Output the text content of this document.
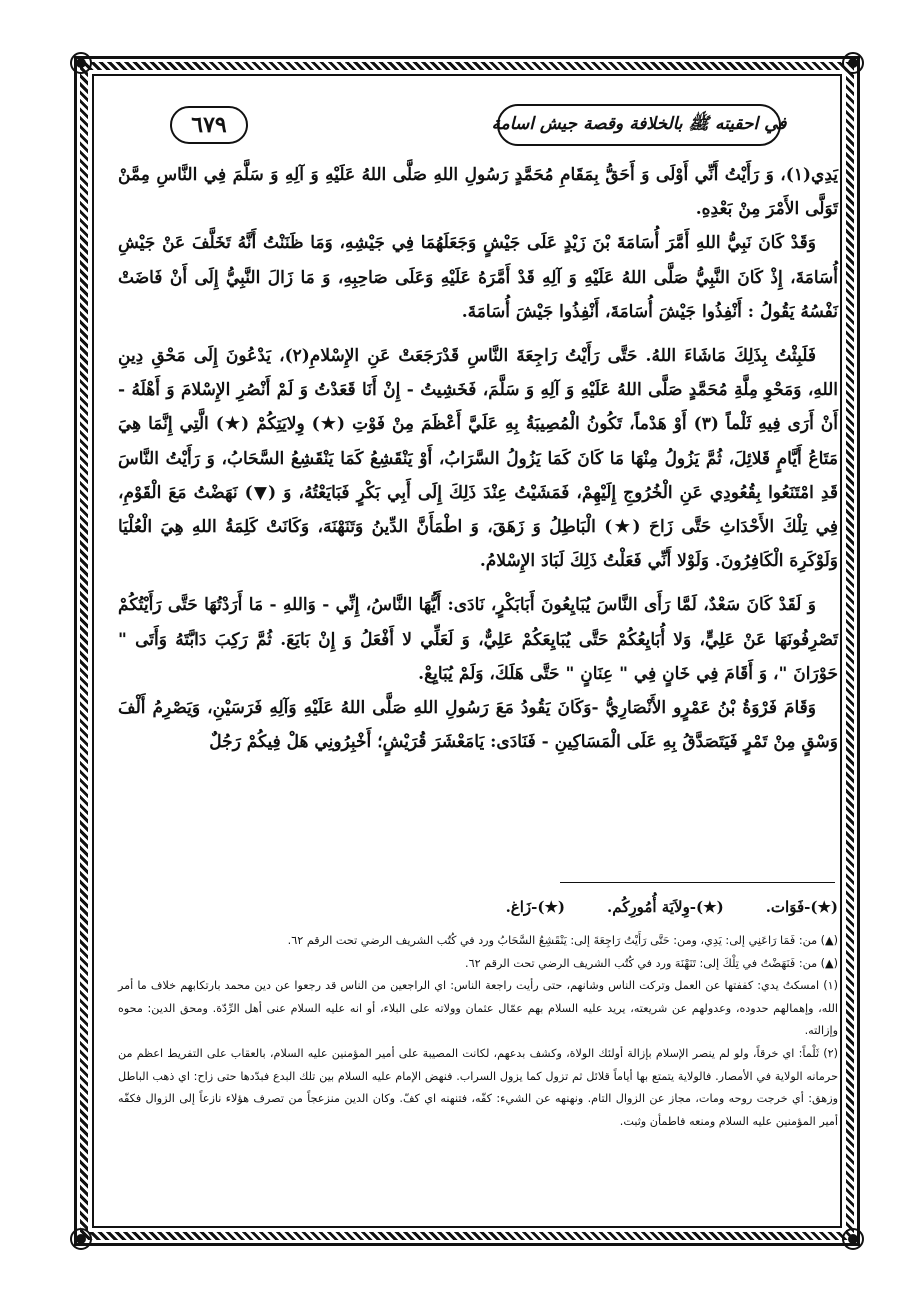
في احقيته ﷺ بالخلافة وقصة جيش اسامة
٦٧٩

يَدِي(١)، وَ رَأَيْتُ أَنِّي أَوْلَى وَ أَحَقُّ بِمَقَامِ مُحَمَّدٍ رَسُولِ اللهِ صَلَّى اللهُ عَلَيْهِ وَ آلِهِ وَ سَلَّمَ فِي النَّاسِ مِمَّنْ تَوَلَّى الأَمْرَ مِنْ بَعْدِهِ.

وَقَدْ كَانَ نَبِيُّ اللهِ أَمَّرَ أُسَامَةَ بْنَ زَيْدٍ عَلَى جَيْشٍ وَجَعَلَهُمَا فِي جَيْشِهِ، وَمَا ظَنَنْتُ أَنَّهُ تَخَلَّفَ عَنْ جَيْشِ أُسَامَةَ، إِذْ كَانَ النَّبِيُّ صَلَّى اللهُ عَلَيْهِ وَ آلِهِ قَدْ أَمَّرَهُ عَلَيْهِ وَعَلَى صَاحِبِهِ، وَ مَا زَالَ النَّبِيُّ إِلَى أَنْ فَاضَتْ نَفْسُهُ يَقُولُ : أَنْفِذُوا جَيْشَ أُسَامَةَ، أَنْفِذُوا جَيْشَ أُسَامَةَ.

فَلَبِثْتُ بِذَلِكَ مَاشَاءَ اللهُ. حَتَّى رَأَيْتُ رَاجِعَةَ النَّاسِ قَدْرَجَعَتْ عَنِ الإِسْلامِ(٢)، يَدْعُونَ إِلَى مَحْقِ دِينِ اللهِ، وَمَحْوِ مِلَّةِ مُحَمَّدٍ صَلَّى اللهُ عَلَيْهِ وَ آلِهِ وَ سَلَّمَ، فَخَشِيتُ - إِنْ أَنَا قَعَدْتُ وَ لَمْ أَنْصُرِ الإِسْلامَ وَ أَهْلَهُ - أَنْ أَرَى فِيهِ ثَلْماً (٣) أَوْ هَدْماً، تَكُونُ الْمُصِيبَةُ بِهِ عَلَيَّ أَعْظَمَ مِنْ فَوْتِ (★) وِلايَتِكُمْ (★) الَّتِي إِنَّمَا هِيَ مَتَاعُ أَيَّامٍ قَلائِلَ، ثُمَّ يَزُولُ مِنْهَا مَا كَانَ كَمَا يَزُولُ السَّرَابُ، أَوْ يَنْقَشِعُ كَمَا يَنْقَشِعُ السَّحَابُ، وَ رَأَيْتُ النَّاسَ قَدِ امْتَنَعُوا بِقُعُودِي عَنِ الْخُرُوجِ إِلَيْهِمْ، فَمَشَيْتُ عِنْدَ ذَلِكَ إِلَى أَبِي بَكْرٍ فَبَايَعْتُهُ، وَ (▼) نَهَضْتُ مَعَ الْقَوْمِ، فِي تِلْكَ الأَحْدَاثِ حَتَّى زَاحَ (★) الْبَاطِلُ وَ زَهَقَ، وَ اطْمَأَنَّ الدِّينُ وَتَنَهْنَهَ، وَكَانَتْ كَلِمَةُ اللهِ هِيَ الْعُلْيَا وَلَوْكَرِهَ الْكَافِرُونَ. وَلَوْلا أَنِّي فَعَلْتُ ذَلِكَ لَبَادَ الإِسْلامُ.

وَ لَقَدْ كَانَ سَعْدٌ، لَمَّا رَأَى النَّاسَ يُبَايِعُونَ أَبَابَكْرٍ، نَادَى: أَيُّهَا النَّاسُ، إِنِّي - وَاللهِ - مَا أَرَدْتُهَا حَتَّى رَأَيْتُكُمْ تَصْرِفُونَهَا عَنْ عَلِيٍّ، وَلا أُبَايِعُكُمْ حَتَّى يُبَايِعَكُمْ عَلِيٌّ، وَ لَعَلِّي لا أَفْعَلُ وَ إِنْ بَايَعَ. ثُمَّ رَكِبَ دَابَّتَهُ وَأَتَى " حَوْرَانَ "، وَ أَقَامَ فِي خَانٍ فِي " عِنَانٍ " حَتَّى هَلَكَ، وَلَمْ يُبَايِعْ.

وَقَامَ فَرْوَةُ بْنُ عَمْرٍو الأَنْصَارِيُّ -وَكَانَ يَقُودُ مَعَ رَسُولِ اللهِ صَلَّى اللهُ عَلَيْهِ وَآلِهِ فَرَسَيْنِ، وَيَصْرِمُ أَلْفَ وَسْقٍ مِنْ تَمْرٍ فَيَتَصَدَّقُ بِهِ عَلَى الْمَسَاكِينِ - فَنَادَى: يَامَعْشَرَ قُرَيْشٍ؛ أَخْبِرُونِي هَلْ فِيكُمْ رَجُلٌ

(★)-فَوَات.
(★)-وِلاَيَة أُمُورِكُم.
(★)-زَاغ.

(▲) من: فَمَا رَاعَنِي إلى: يَدِي، ومن: حَتَّى رَأَيْتُ رَاجِعَةَ إلى: يَنْقَشِعُ السَّحَابُ ورد في كُتُب الشريف الرضي تحت الرقم ٦٢.

(▲) من: فَنَهَضْتُ في تِلْكَ إلى: تَنَهْنَهَ ورد في كُتُب الشريف الرضي تحت الرقم ٦٢.

(١) امسكتُ يدي: كففتها عن العمل وتركت الناس وشانهم، حتى رأيت راجعة الناس: اي الراجعين من الناس قد رجعوا عن دين محمد بارتكابهم خلاف ما أمر الله، وإهمالهم حدوده، وعدولهم عن شريعته، يريد عليه السلام بهم عمّال عثمان وولاته على البلاء، أو انه عليه السلام عنى أهل الرِّدّة. ومحق الدين: محوه وإزالته.

(٢) ثَلْماً: اي خرقاً، ولو لم ينصر الإسلام بإزالة أولئك الولاة، وكشف بدعهم، لكانت المصيبة على أمير المؤمنين عليه السلام، بالعقاب على التفريط اعظم من حرمانه الولاية في الأمصار. فالولاية يتمتع بها أياماً قلائل ثم تزول كما يزول السراب. فنهض الإمام عليه السلام بين تلك البدع فبدّدها حتى زاح: اي ذهب الباطل وزهق: أي خرجت روحه ومات، مجاز عن الزوال التام. ونهنهه عن الشيء: كفّه، فتنهنه اي كفّ. وكان الدين منزعجاً من تصرف هؤلاء نازعاً إلى الزوال فكفّه أمير المؤمنين عليه السلام ومنعه فاطمأن وثبت.
